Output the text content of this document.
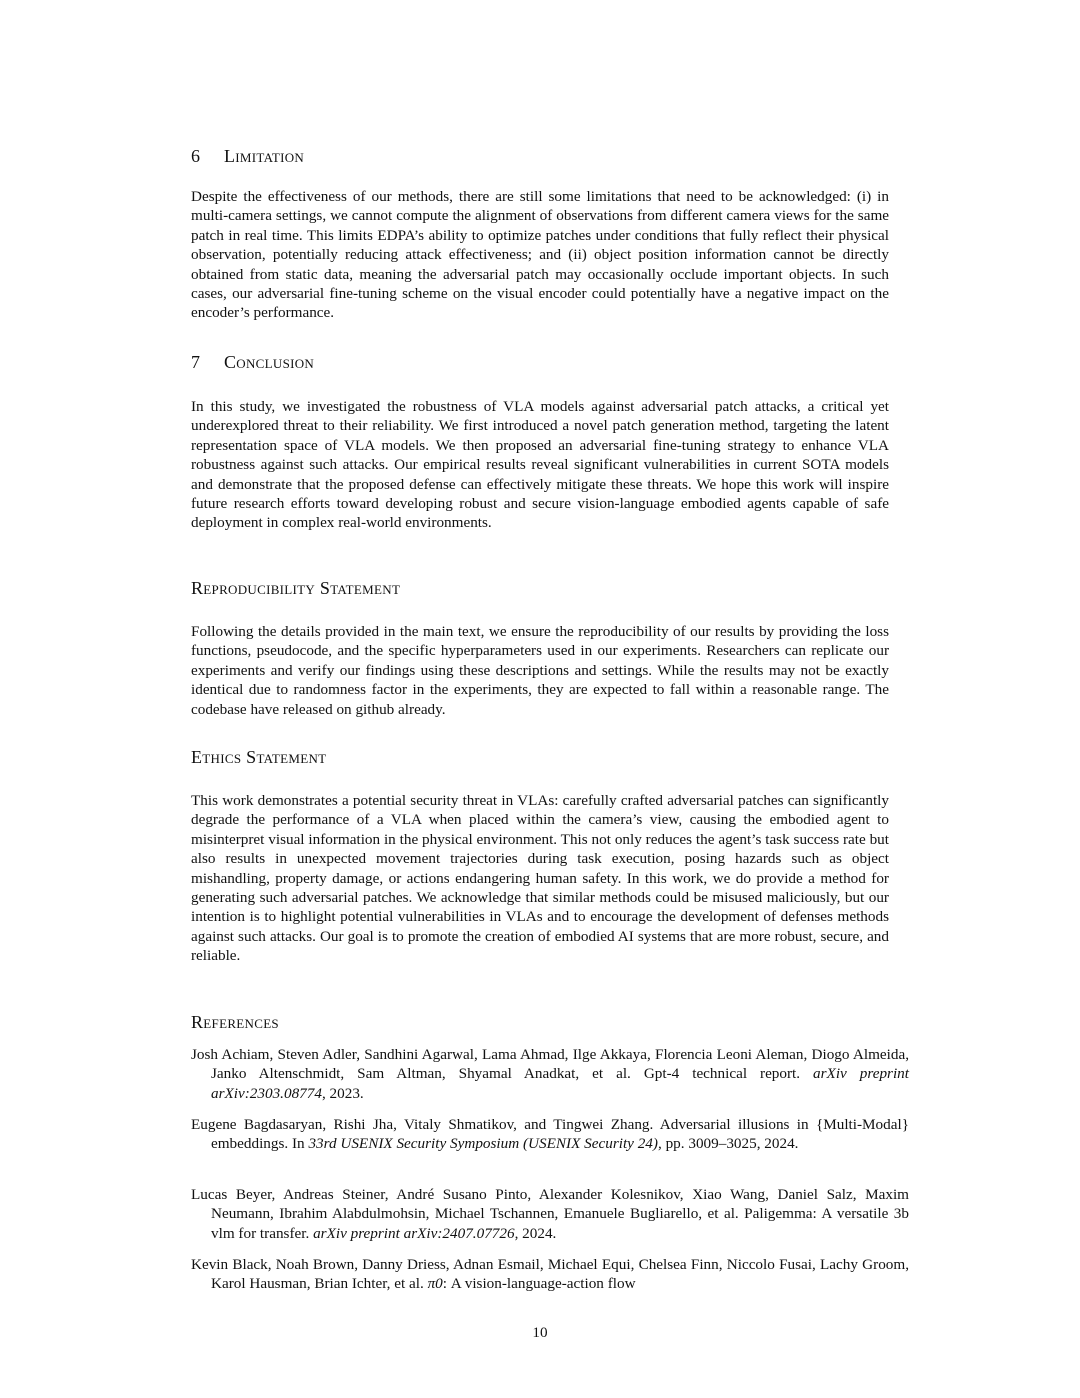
6 Limitation

Despite the effectiveness of our methods, there are still some limitations that need to be acknowledged: (i) in multi-camera settings, we cannot compute the alignment of observations from different camera views for the same patch in real time. This limits EDPA’s ability to optimize patches under conditions that fully reflect their physical observation, potentially reducing attack effectiveness; and (ii) object position information cannot be directly obtained from static data, meaning the adversarial patch may occasionally occlude important objects. In such cases, our adversarial fine-tuning scheme on the visual encoder could potentially have a negative impact on the encoder’s performance.

7 Conclusion

In this study, we investigated the robustness of VLA models against adversarial patch attacks, a critical yet underexplored threat to their reliability. We first introduced a novel patch generation method, targeting the latent representation space of VLA models. We then proposed an adversarial fine-tuning strategy to enhance VLA robustness against such attacks. Our empirical results reveal significant vulnerabilities in current SOTA models and demonstrate that the proposed defense can effectively mitigate these threats. We hope this work will inspire future research efforts toward developing robust and secure vision-language embodied agents capable of safe deployment in complex real-world environments.

Reproducibility Statement

Following the details provided in the main text, we ensure the reproducibility of our results by providing the loss functions, pseudocode, and the specific hyperparameters used in our experiments. Researchers can replicate our experiments and verify our findings using these descriptions and settings. While the results may not be exactly identical due to randomness factor in the experiments, they are expected to fall within a reasonable range. The codebase have released on github already.

Ethics Statement

This work demonstrates a potential security threat in VLAs: carefully crafted adversarial patches can significantly degrade the performance of a VLA when placed within the camera’s view, causing the embodied agent to misinterpret visual information in the physical environment. This not only reduces the agent’s task success rate but also results in unexpected movement trajectories during task execution, posing hazards such as object mishandling, property damage, or actions endangering human safety. In this work, we do provide a method for generating such adversarial patches. We acknowledge that similar methods could be misused maliciously, but our intention is to highlight potential vulnerabilities in VLAs and to encourage the development of defenses methods against such attacks. Our goal is to promote the creation of embodied AI systems that are more robust, secure, and reliable.

References

Josh Achiam, Steven Adler, Sandhini Agarwal, Lama Ahmad, Ilge Akkaya, Florencia Leoni Aleman, Diogo Almeida, Janko Altenschmidt, Sam Altman, Shyamal Anadkat, et al. Gpt-4 technical report. arXiv preprint arXiv:2303.08774, 2023.

Eugene Bagdasaryan, Rishi Jha, Vitaly Shmatikov, and Tingwei Zhang. Adversarial illusions in {Multi-Modal} embeddings. In 33rd USENIX Security Symposium (USENIX Security 24), pp. 3009–3025, 2024.

Lucas Beyer, Andreas Steiner, André Susano Pinto, Alexander Kolesnikov, Xiao Wang, Daniel Salz, Maxim Neumann, Ibrahim Alabdulmohsin, Michael Tschannen, Emanuele Bugliarello, et al. Paligemma: A versatile 3b vlm for transfer. arXiv preprint arXiv:2407.07726, 2024.

Kevin Black, Noah Brown, Danny Driess, Adnan Esmail, Michael Equi, Chelsea Finn, Niccolo Fusai, Lachy Groom, Karol Hausman, Brian Ichter, et al. π0: A vision-language-action flow

10
